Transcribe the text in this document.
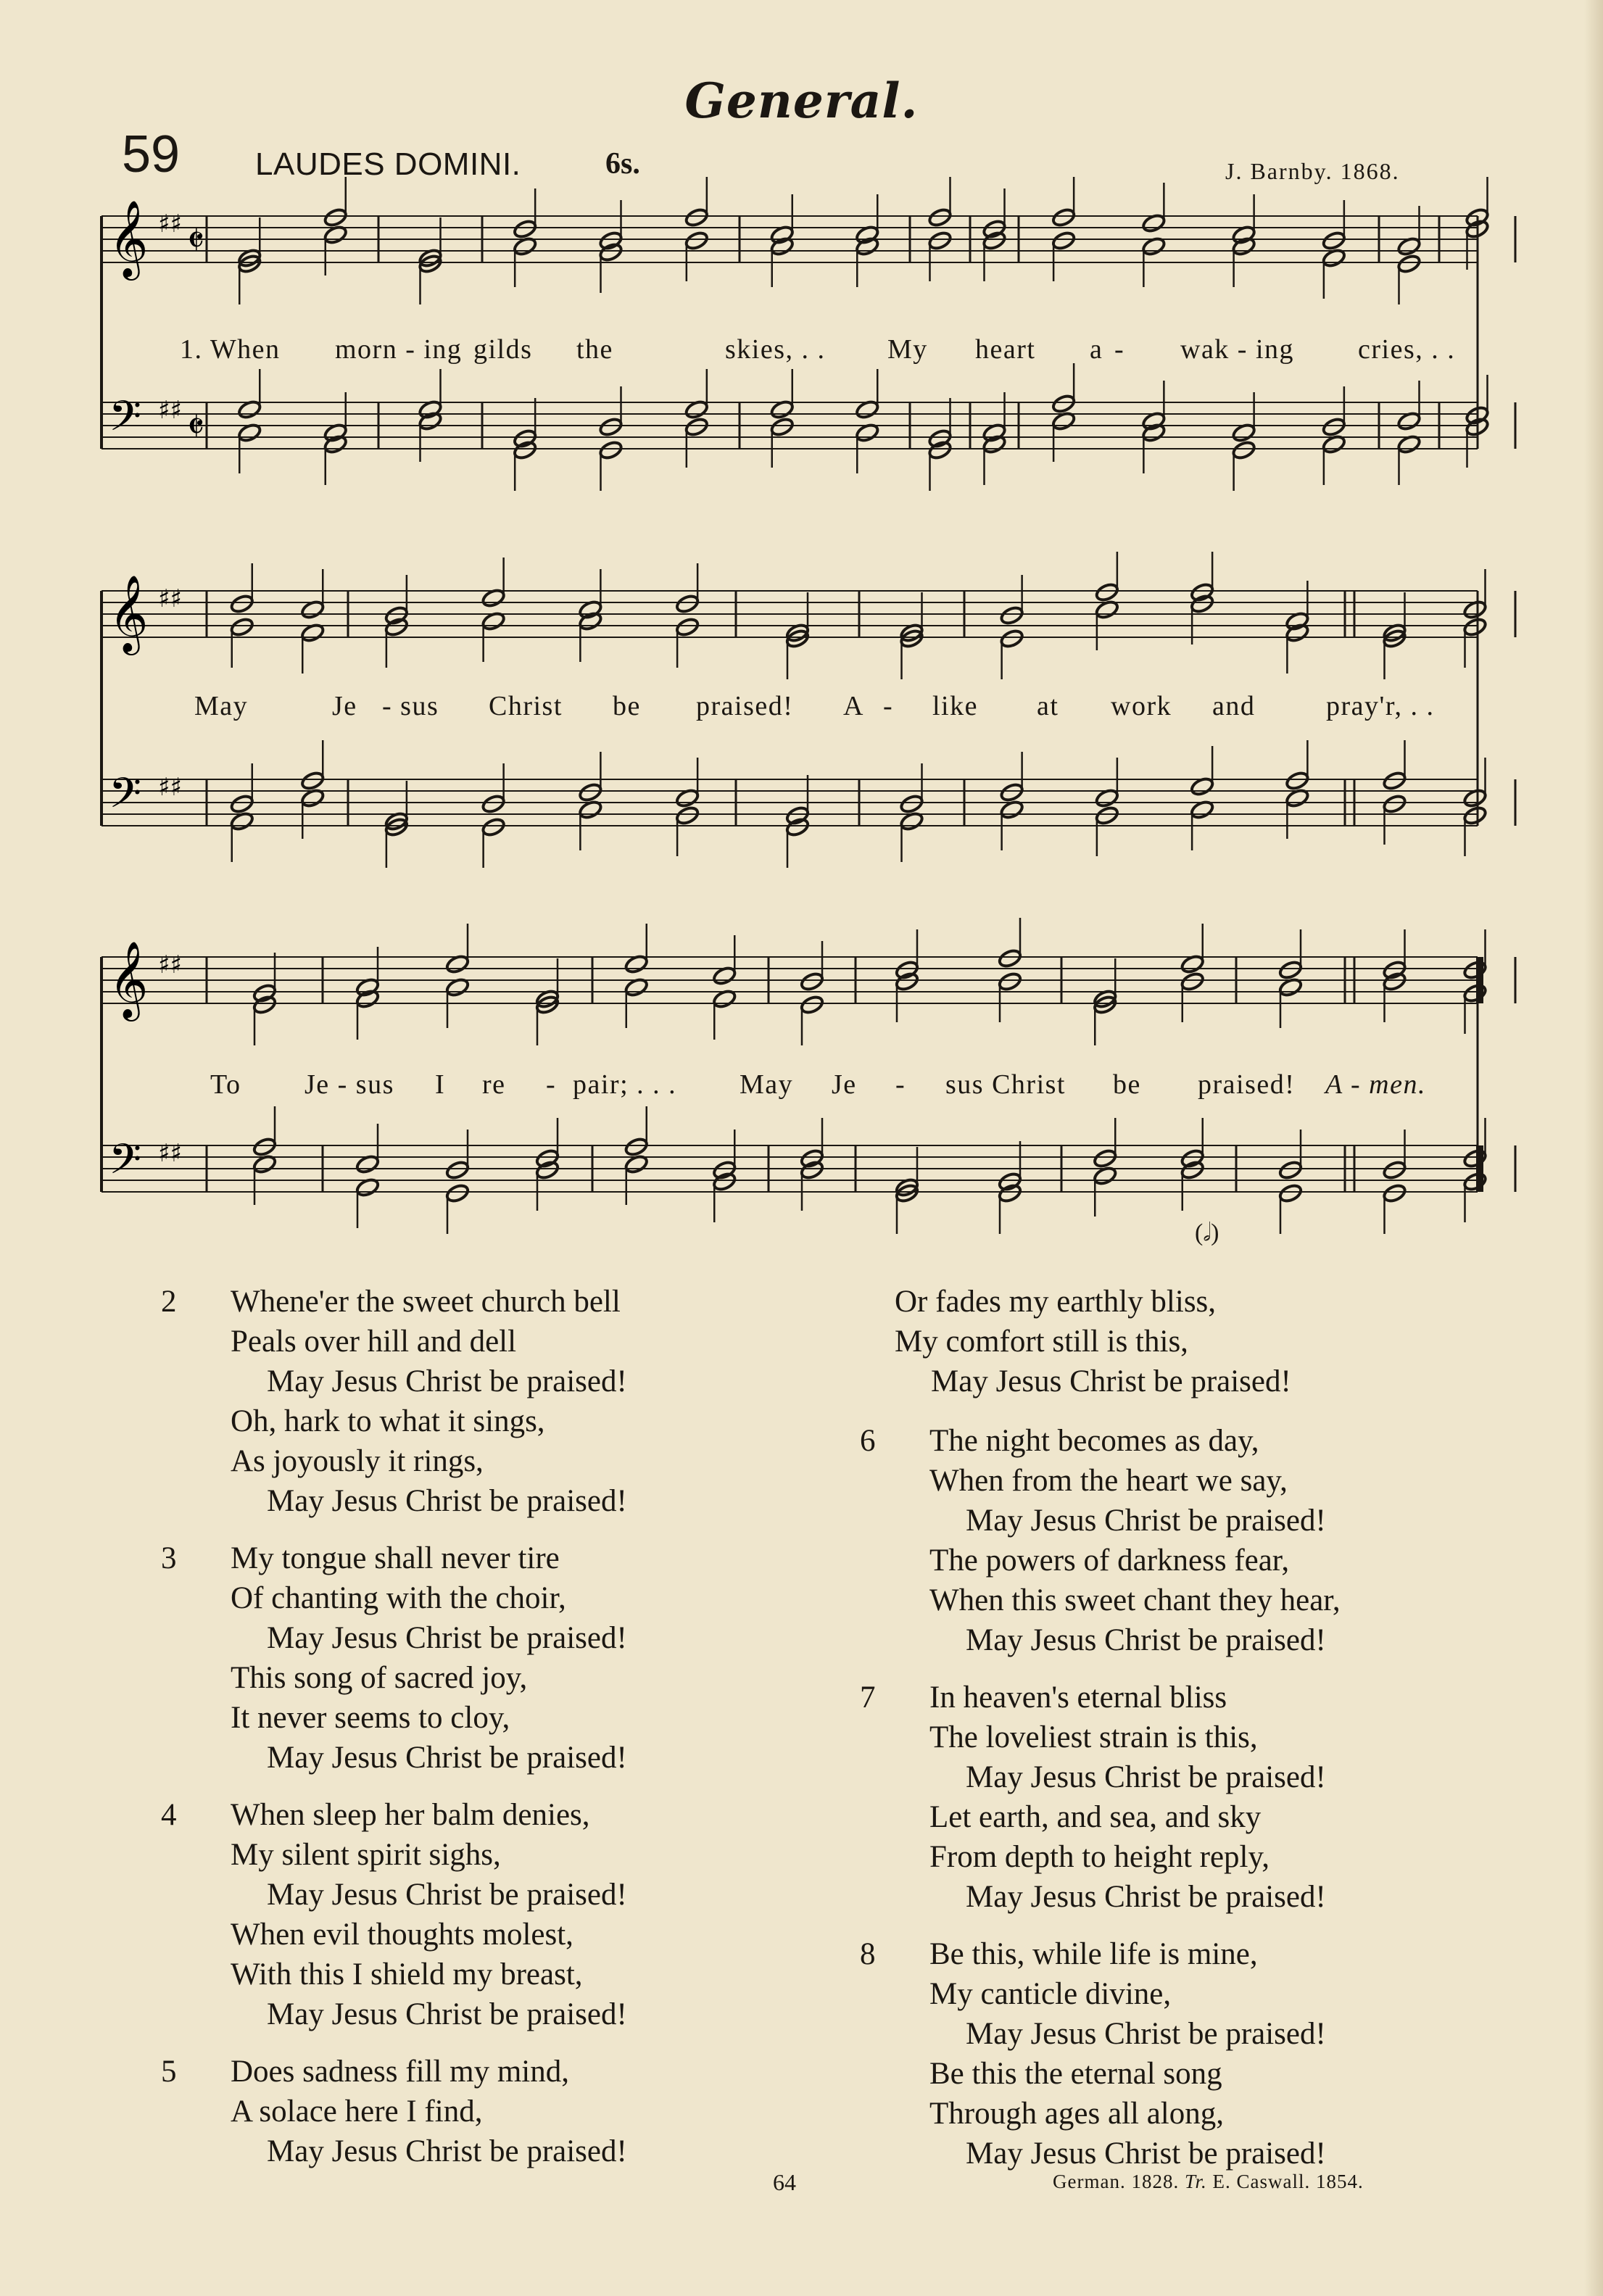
General.
59 LAUDES DOMINI.	6s.	J. Barnby. 1868.
𝄞 ♯♯
𝄢 ♯♯
𝄞 ♯♯
𝄢 ♯♯
𝄞 ♯♯
𝄢 ♯♯
𝄵
𝄵
1. When morn - ing gilds the	skies, . . My heart a - wak - ing cries, . .
May	Je - sus Christ be praised! A - like at work and	pray'r, . .
To Je - sus I re - pair; . . . May Je - sus Christ be praised! A - men.
(𝅗𝅥)
2	Whene'er the sweet church bell
Peals over hill and dell
May Jesus Christ be praised!
Oh, hark to what it sings,
As joyously it rings,
May Jesus Christ be praised!
3	My tongue shall never tire
Of chanting with the choir,
May Jesus Christ be praised!
This song of sacred joy,
It never seems to cloy,
May Jesus Christ be praised!
4	When sleep her balm denies,
My silent spirit sighs,
May Jesus Christ be praised!
When evil thoughts molest,
With this I shield my breast,
May Jesus Christ be praised!
5	Does sadness fill my mind,
A solace here I find,
May Jesus Christ be praised!
Or fades my earthly bliss,
My comfort still is this,
May Jesus Christ be praised!
6	The night becomes as day,
When from the heart we say,
May Jesus Christ be praised!
The powers of darkness fear,
When this sweet chant they hear,
May Jesus Christ be praised!
7	In heaven's eternal bliss
The loveliest strain is this,
May Jesus Christ be praised!
Let earth, and sea, and sky
From depth to height reply,
May Jesus Christ be praised!
8	Be this, while life is mine,
My canticle divine,
May Jesus Christ be praised!
Be this the eternal song
Through ages all along,
May Jesus Christ be praised!
64	German. 1828. Tr. E. Caswall. 1854.
